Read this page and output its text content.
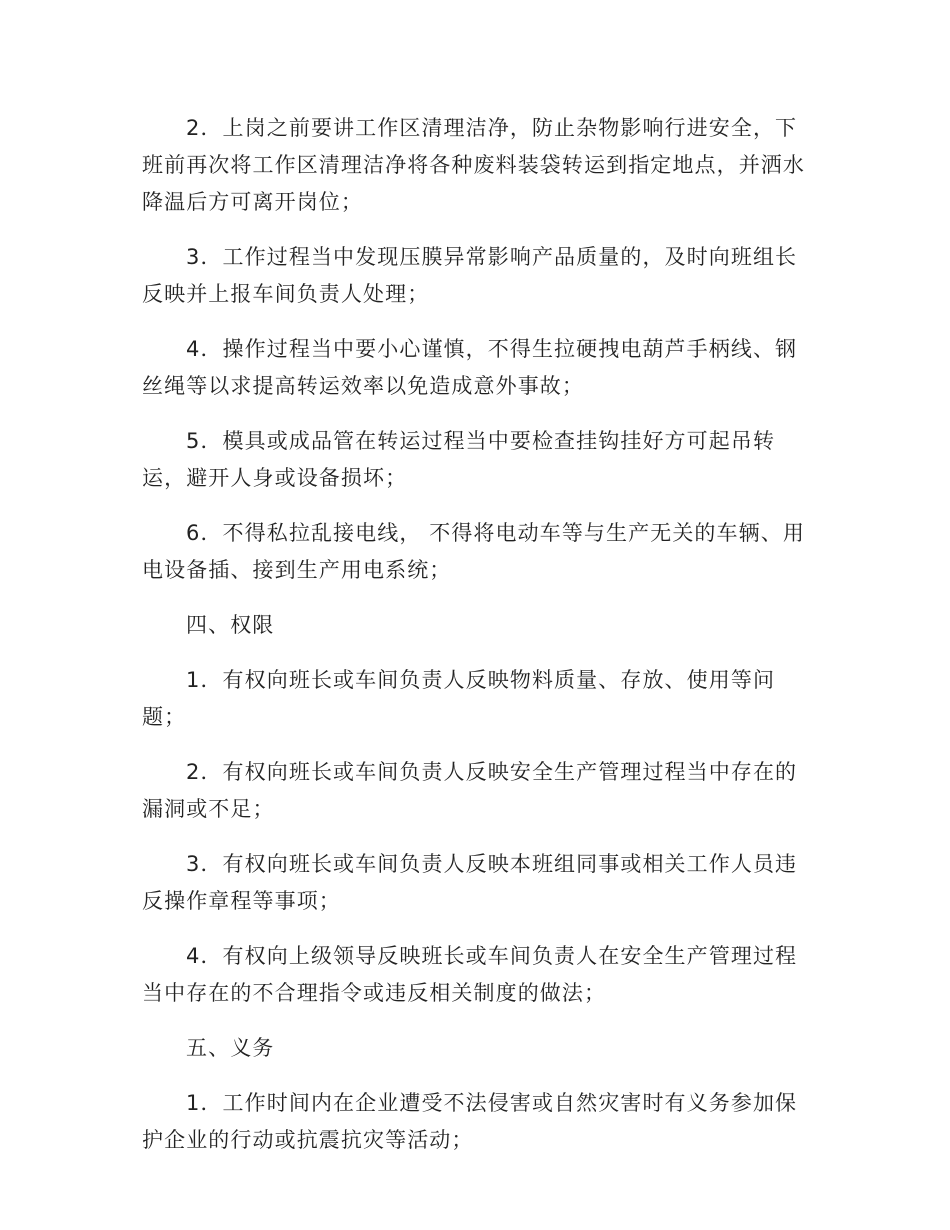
2．上岗之前要讲工作区清理洁净，防止杂物影响行进安全，下班前再次将工作区清理洁净将各种废料装袋转运到指定地点，并洒水降温后方可离开岗位；

3．工作过程当中发现压膜异常影响产品质量的，及时向班组长反映并上报车间负责人处理；

4．操作过程当中要小心谨慎，不得生拉硬拽电葫芦手柄线、钢丝绳等以求提高转运效率以免造成意外事故；

5．模具或成品管在转运过程当中要检查挂钩挂好方可起吊转运，避开人身或设备损坏；

6．不得私拉乱接电线， 不得将电动车等与生产无关的车辆、用电设备插、接到生产用电系统；

四、权限

1．有权向班长或车间负责人反映物料质量、存放、使用等问题；

2．有权向班长或车间负责人反映安全生产管理过程当中存在的漏洞或不足；

3．有权向班长或车间负责人反映本班组同事或相关工作人员违反操作章程等事项；

4．有权向上级领导反映班长或车间负责人在安全生产管理过程当中存在的不合理指令或违反相关制度的做法；

五、义务

1．工作时间内在企业遭受不法侵害或自然灾害时有义务参加保护企业的行动或抗震抗灾等活动；
